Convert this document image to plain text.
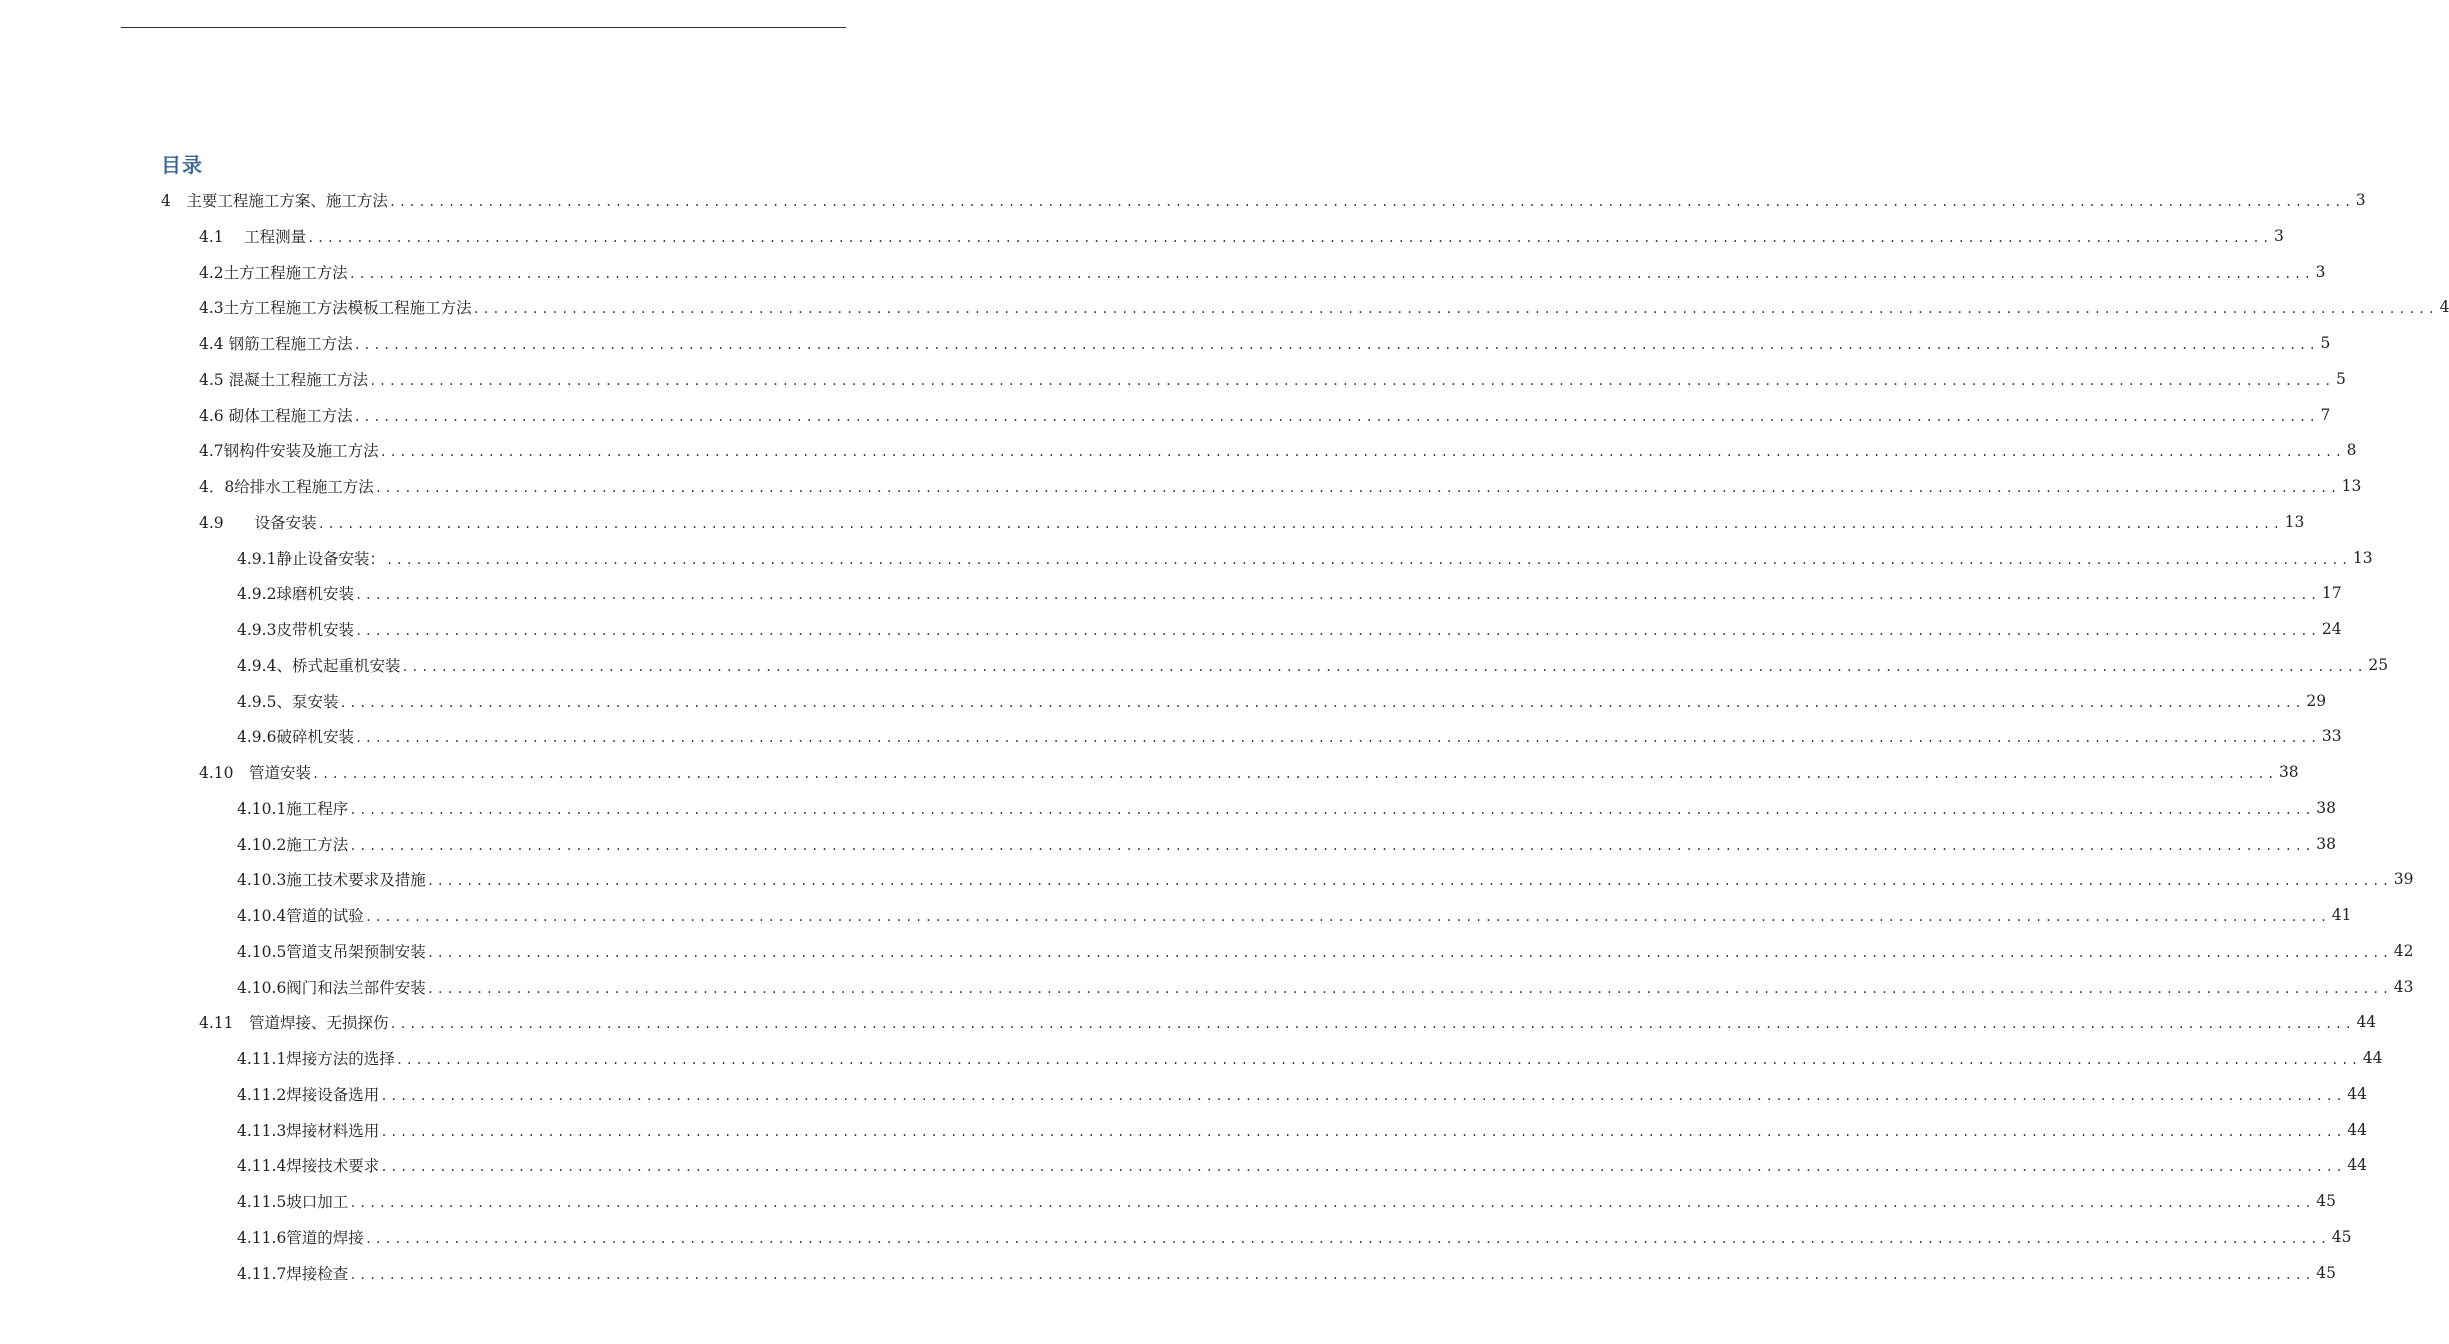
目录
4　主要工程施工方案、施工方法 ........................................................................................................................................................................................................ 3
4.1　 工程测量 ........................................................................................................................................................................................................ 3
4.2土方工程施工方法 ........................................................................................................................................................................................................ 3
4.3土方工程施工方法模板工程施工方法 ........................................................................................................................................................................................................ 4
4.4 钢筋工程施工方法 ........................................................................................................................................................................................................ 5
4.5 混凝土工程施工方法 ........................................................................................................................................................................................................ 5
4.6 砌体工程施工方法 ........................................................................................................................................................................................................ 7
4.7钢构件安装及施工方法 ........................................................................................................................................................................................................ 8
4．8给排水工程施工方法 ........................................................................................................................................................................................................ 13
4.9　　设备安装 ........................................................................................................................................................................................................ 13
4.9.1静止设备安装： ........................................................................................................................................................................................................ 13
4.9.2球磨机安装 ........................................................................................................................................................................................................ 17
4.9.3皮带机安装 ........................................................................................................................................................................................................ 24
4.9.4、桥式起重机安装 ........................................................................................................................................................................................................ 25
4.9.5、泵安装 ........................................................................................................................................................................................................ 29
4.9.6破碎机安装 ........................................................................................................................................................................................................ 33
4.10　管道安装 ........................................................................................................................................................................................................ 38
4.10.1施工程序 ........................................................................................................................................................................................................ 38
4.10.2施工方法 ........................................................................................................................................................................................................ 38
4.10.3施工技术要求及措施 ........................................................................................................................................................................................................ 39
4.10.4管道的试验 ........................................................................................................................................................................................................ 41
4.10.5管道支吊架预制安装 ........................................................................................................................................................................................................ 42
4.10.6阀门和法兰部件安装 ........................................................................................................................................................................................................ 43
4.11　管道焊接、无损探伤 ........................................................................................................................................................................................................ 44
4.11.1焊接方法的选择 ........................................................................................................................................................................................................ 44
4.11.2焊接设备选用 ........................................................................................................................................................................................................ 44
4.11.3焊接材料选用 ........................................................................................................................................................................................................ 44
4.11.4焊接技术要求 ........................................................................................................................................................................................................ 44
4.11.5坡口加工 ........................................................................................................................................................................................................ 45
4.11.6管道的焊接 ........................................................................................................................................................................................................ 45
4.11.7焊接检查 ........................................................................................................................................................................................................ 45
